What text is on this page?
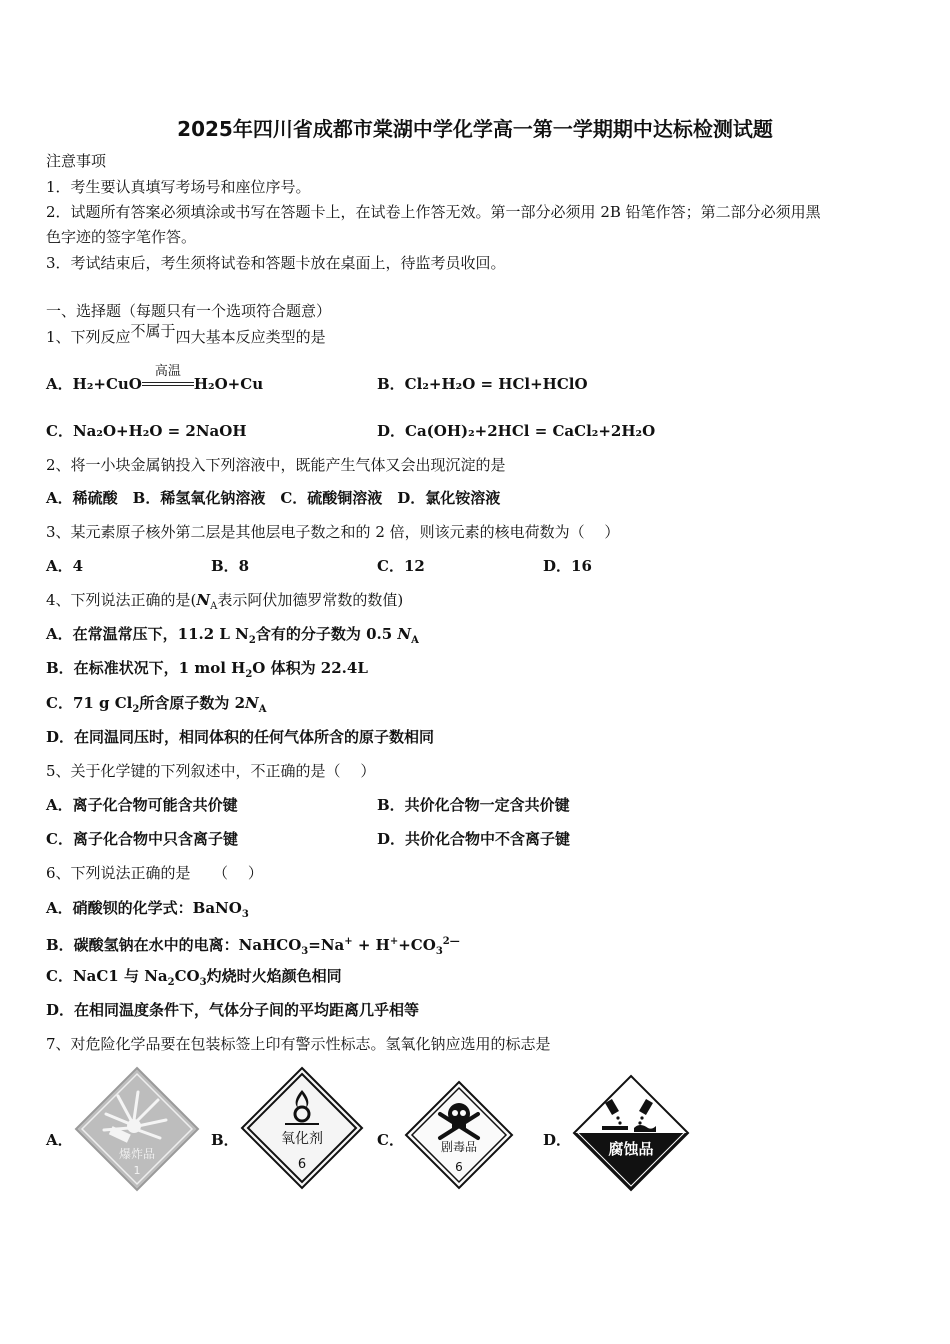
2025年四川省成都市棠湖中学化学高一第一学期期中达标检测试题
注意事项
1．考生要认真填写考场号和座位序号。
2．试题所有答案必须填涂或书写在答题卡上，在试卷上作答无效。第一部分必须用 2B 铅笔作答；第二部分必须用黑
色字迹的签字笔作答。
3．考试结束后，考生须将试卷和答题卡放在桌面上，待监考员收回。
一、选择题（每题只有一个选项符合题意）
1、下列反应不属于四大基本反应类型的是
A．H₂+CuO
高温
H₂O+Cu	B．Cl₂+H₂O = HCl+HClO
C．Na₂O+H₂O = 2NaOH	D．Ca(OH)₂+2HCl = CaCl₂+2H₂O
2、将一小块金属钠投入下列溶液中，既能产生气体又会出现沉淀的是
A．稀硫酸　B．稀氢氧化钠溶液　C．硫酸铜溶液　D．氯化铵溶液
3、某元素原子核外第二层是其他层电子数之和的 2 倍，则该元素的核电荷数为（　 ）
A．4	B．8	C．12	D．16
4、下列说法正确的是($N_A$表示阿伏加德罗常数的数值)
A．在常温常压下，11.2 L $N_2$含有的分子数为 0.5 $N_A$
B．在标准状况下，1 mol $H_2O$ 体积为 22.4L
C．71 g $Cl_2$所含原子数为 $2N_A$
D．在同温同压时，相同体积的任何气体所含的原子数相同
5、关于化学键的下列叙述中，不正确的是（　 ）
A．离子化合物可能含共价键	B．共价化合物一定含共价键
C．离子化合物中只含离子键	D．共价化合物中不含离子键
6、下列说法正确的是　　（　 ）
A．硝酸钡的化学式：BaNO$_3$
B．碳酸氢钠在水中的电离：NaHCO$_3$=Na+ + $H^++CO_3^{2—}$
C．NaC1 与 $Na_2CO_3$灼烧时火焰颜色相同
D．在相同温度条件下，气体分子间的平均距离几乎相等
7、对危险化学品要在包装标签上印有警示性标志。氢氧化钠应选用的标志是
A．	B．	C．	D．
爆炸品
1
氧化剂
6
剧毒品
6
腐蚀品
